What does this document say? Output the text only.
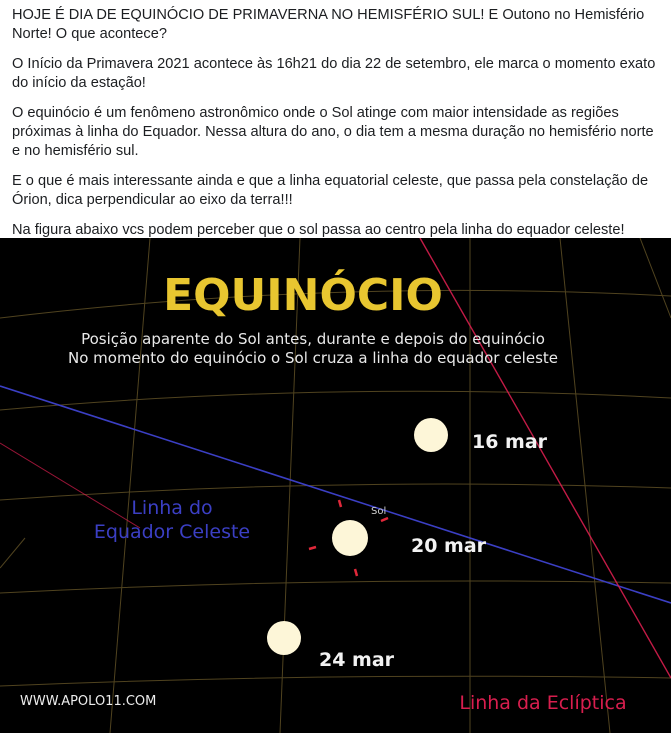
HOJE É DIA DE EQUINÓCIO DE PRIMAVERNA NO HEMISFÉRIO SUL! E Outono no Hemisfério Norte! O que acontece?

O Início da Primavera 2021 acontece às 16h21 do dia 22 de setembro, ele marca o momento exato do início da estação!

O equinócio é um fenômeno astronômico onde o Sol atinge com maior intensidade as regiões próximas à linha do Equador. Nessa altura do ano, o dia tem a mesma duração no hemisfério norte e no hemisfério sul.

E o que é mais interessante ainda e que a linha equatorial celeste, que passa pela constelação de Órion, dica perpendicular ao eixo da terra!!!

Na figura abaixo vcs podem perceber que o sol passa ao centro pela linha do equador celeste!

EQUINÓCIO
Posição aparente do Sol antes, durante e depois do equinócio
No momento do equinócio o Sol cruza a linha do equador celeste
Linha do
Equador Celeste
16 mar
Sol
20 mar
24 mar
Linha da Eclíptica
WWW.APOLO11.COM
